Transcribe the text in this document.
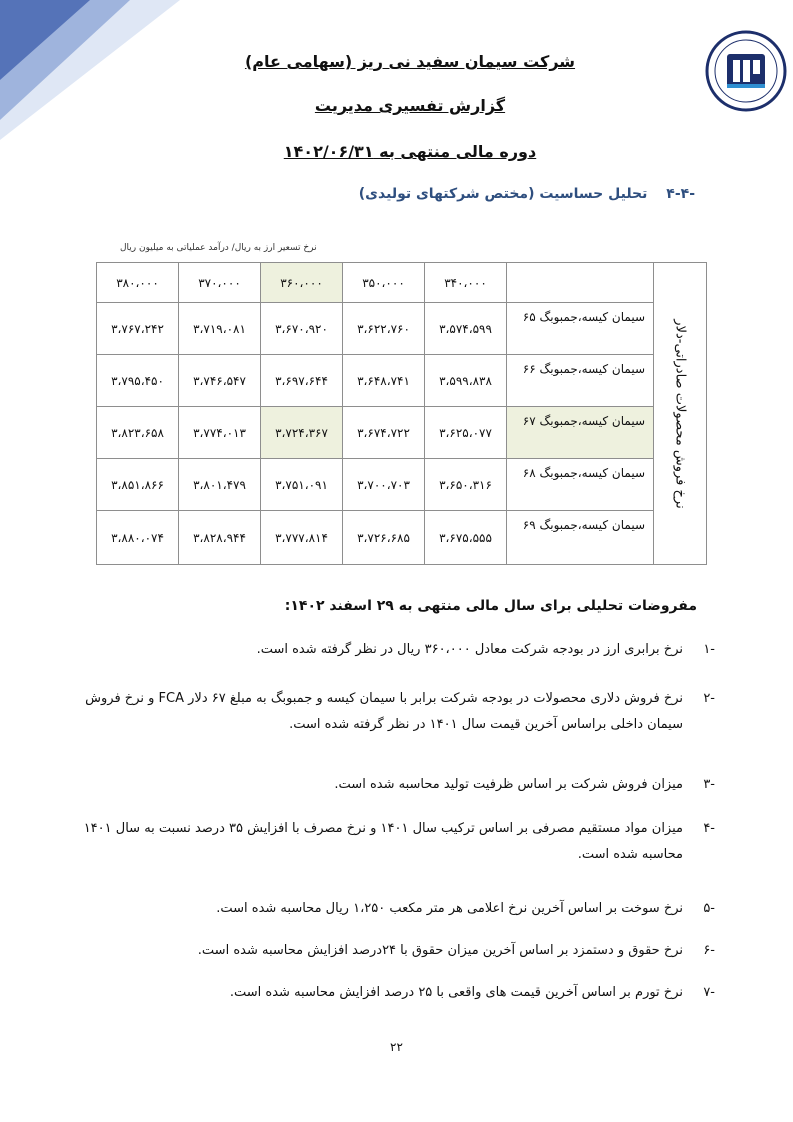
شرکت سیمان سفید نی ریز (سهامی عام)
گزارش تفسیری مدیریت
دوره مالی منتهی به ۱۴۰۲/۰۶/۳۱
-۴-۴ تحلیل حساسیت (مختص شرکتهای تولیدی)
نرخ تسعیر ارز به ریال/ درآمد عملیاتی به میلیون ریال
۳۸۰،۰۰۰	۳۷۰،۰۰۰	۳۶۰،۰۰۰	۳۵۰،۰۰۰	۳۴۰،۰۰۰		نرخ فروش محصولات صادراتی-دلار

۳،۷۶۷،۲۴۲	۳،۷۱۹،۰۸۱	۳،۶۷۰،۹۲۰	۳،۶۲۲،۷۶۰	۳،۵۷۴،۵۹۹	سیمان کیسه،جمبوبگ ۶۵	
۳،۷۹۵،۴۵۰	۳،۷۴۶،۵۴۷	۳،۶۹۷،۶۴۴	۳،۶۴۸،۷۴۱	۳،۵۹۹،۸۳۸	سیمان کیسه،جمبوبگ ۶۶	
۳،۸۲۳،۶۵۸	۳،۷۷۴،۰۱۳	۳،۷۲۴،۳۶۷	۳،۶۷۴،۷۲۲	۳،۶۲۵،۰۷۷	سیمان کیسه،جمبوبگ ۶۷	
۳،۸۵۱،۸۶۶	۳،۸۰۱،۴۷۹	۳،۷۵۱،۰۹۱	۳،۷۰۰،۷۰۳	۳،۶۵۰،۳۱۶	سیمان کیسه،جمبوبگ ۶۸	
۳،۸۸۰،۰۷۴	۳،۸۲۸،۹۴۴	۳،۷۷۷،۸۱۴	۳،۷۲۶،۶۸۵	۳،۶۷۵،۵۵۵	سیمان کیسه،جمبوبگ ۶۹	
مفروضات تحلیلی برای سال مالی منتهی به ۲۹ اسفند ۱۴۰۲:
-۱
نرخ برابری ارز در بودجه شرکت معادل ۳۶۰،۰۰۰ ریال در نظر گرفته شده است.
-۲
نرخ فروش دلاری محصولات در بودجه شرکت برابر با سیمان کیسه و جمبوبگ به مبلغ ۶۷ دلار FCA و نرخ فروش سیمان داخلی براساس آخرین قیمت سال ۱۴۰۱ در نظر گرفته شده است.
-۳
میزان فروش شرکت بر اساس ظرفیت تولید محاسبه شده است.
-۴
میزان مواد مستقیم مصرفی بر اساس ترکیب سال ۱۴۰۱ و نرخ مصرف با افزایش ۳۵ درصد نسبت به سال ۱۴۰۱ محاسبه شده است.
-۵
نرخ سوخت بر اساس آخرین نرخ اعلامی هر متر مکعب ۱،۲۵۰ ریال محاسبه شده است.
-۶
نرخ حقوق و دستمزد بر اساس آخرین میزان حقوق با ۲۴درصد افزایش محاسبه شده است.
-۷
نرخ تورم بر اساس آخرین قیمت های واقعی با ۲۵ درصد افزایش محاسبه شده است.
۲۲
